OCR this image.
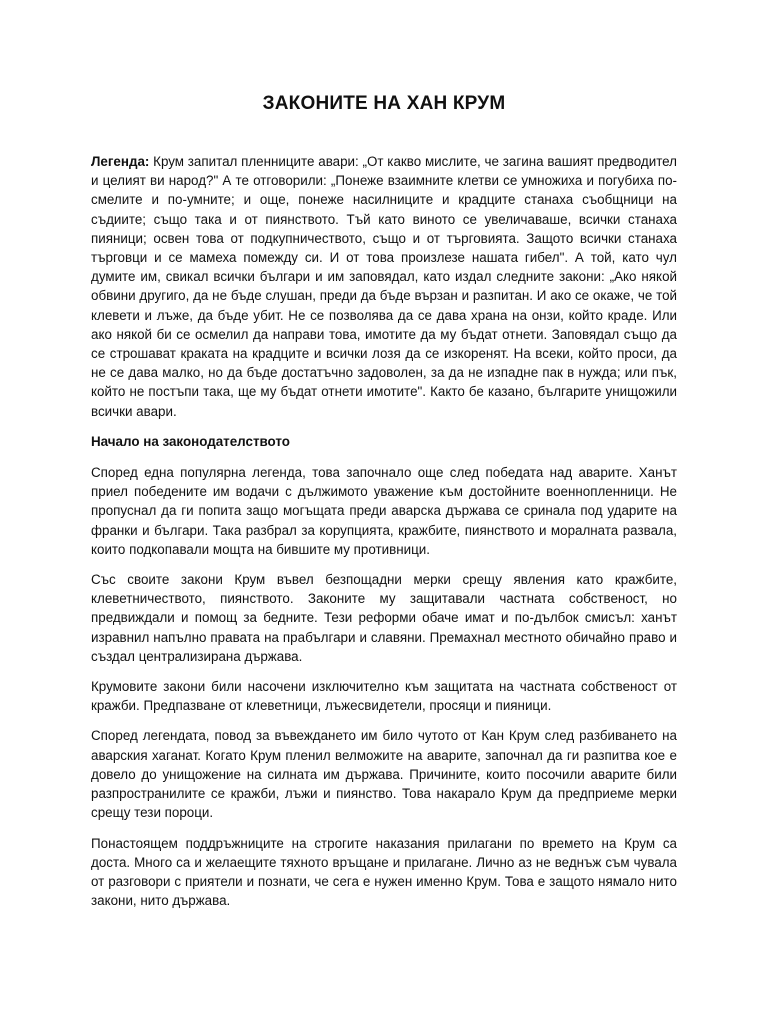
ЗАКОНИТЕ НА ХАН КРУМ

Легенда: Крум запитал пленниците авари: „От какво мислите, че загина вашият предводител и целият ви народ?" А те отговорили: „Понеже взаимните клетви се умножиха и погубиха по-смелите и по-умните; и още, понеже насилниците и крадците станаха съобщници на съдиите; също така и от пиянството. Тъй като виното се увеличаваше, всички станаха пияници; освен това от подкупничеството, също и от търговията. Защото всички станаха търговци и се мамеха помежду си. И от това произлезе нашата гибел". А той, като чул думите им, свикал всички българи и им заповядал, като издал следните закони: „Ако някой обвини другиго, да не бъде слушан, преди да бъде вързан и разпитан. И ако се окаже, че той клевети и лъже, да бъде убит. Не се позволява да се дава храна на онзи, който краде. Или ако някой би се осмелил да направи това, имотите да му бъдат отнети. Заповядал също да се строшават краката на крадците и всички лозя да се изкоренят. На всеки, който проси, да не се дава малко, но да бъде достатъчно задоволен, за да не изпадне пак в нужда; или пък, който не постъпи така, ще му бъдат отнети имотите". Както бе казано, българите унищожили всички авари.

Начало на законодателството

Според една популярна легенда, това започнало още след победата над аварите. Ханът приел победените им водачи с дължимото уважение към достойните военнопленници. Не пропуснал да ги попита защо могъщата преди аварска държава се сринала под ударите на франки и българи. Така разбрал за корупцията, кражбите, пиянството и моралната развала, които подкопавали мощта на бившите му противници.

Със своите закони Крум въвел безпощадни мерки срещу явления като кражбите, клеветничеството, пиянството. Законите му защитавали частната собственост, но предвиждали и помощ за бедните. Тези реформи обаче имат и по-дълбок смисъл: ханът изравнил напълно правата на прабългари и славяни. Премахнал местното обичайно право и създал централизирана държава.

Крумовите закони били насочени изключително към защитата на частната собственост от кражби. Предпазване от клеветници, лъжесвидетели, просяци и пияници.

Според легендата, повод за въвеждането им било чутото от Кан Крум след разбиването на аварския хаганат. Когато Крум пленил велможите на аварите, започнал да ги разпитва кое е довело до унищожение на силната им държава. Причините, които посочили аварите били разпространилите се кражби, лъжи и пиянство. Това накарало Крум да предприеме мерки срещу тези пороци.

Понастоящем поддръжниците на строгите наказания прилагани по времето на Крум са доста. Много са и желаещите тяхното връщане и прилагане. Лично аз не веднъж съм чувала от разговори с приятели и познати, че сега е нужен именно Крум. Това е защото нямало нито закони, нито държава.
